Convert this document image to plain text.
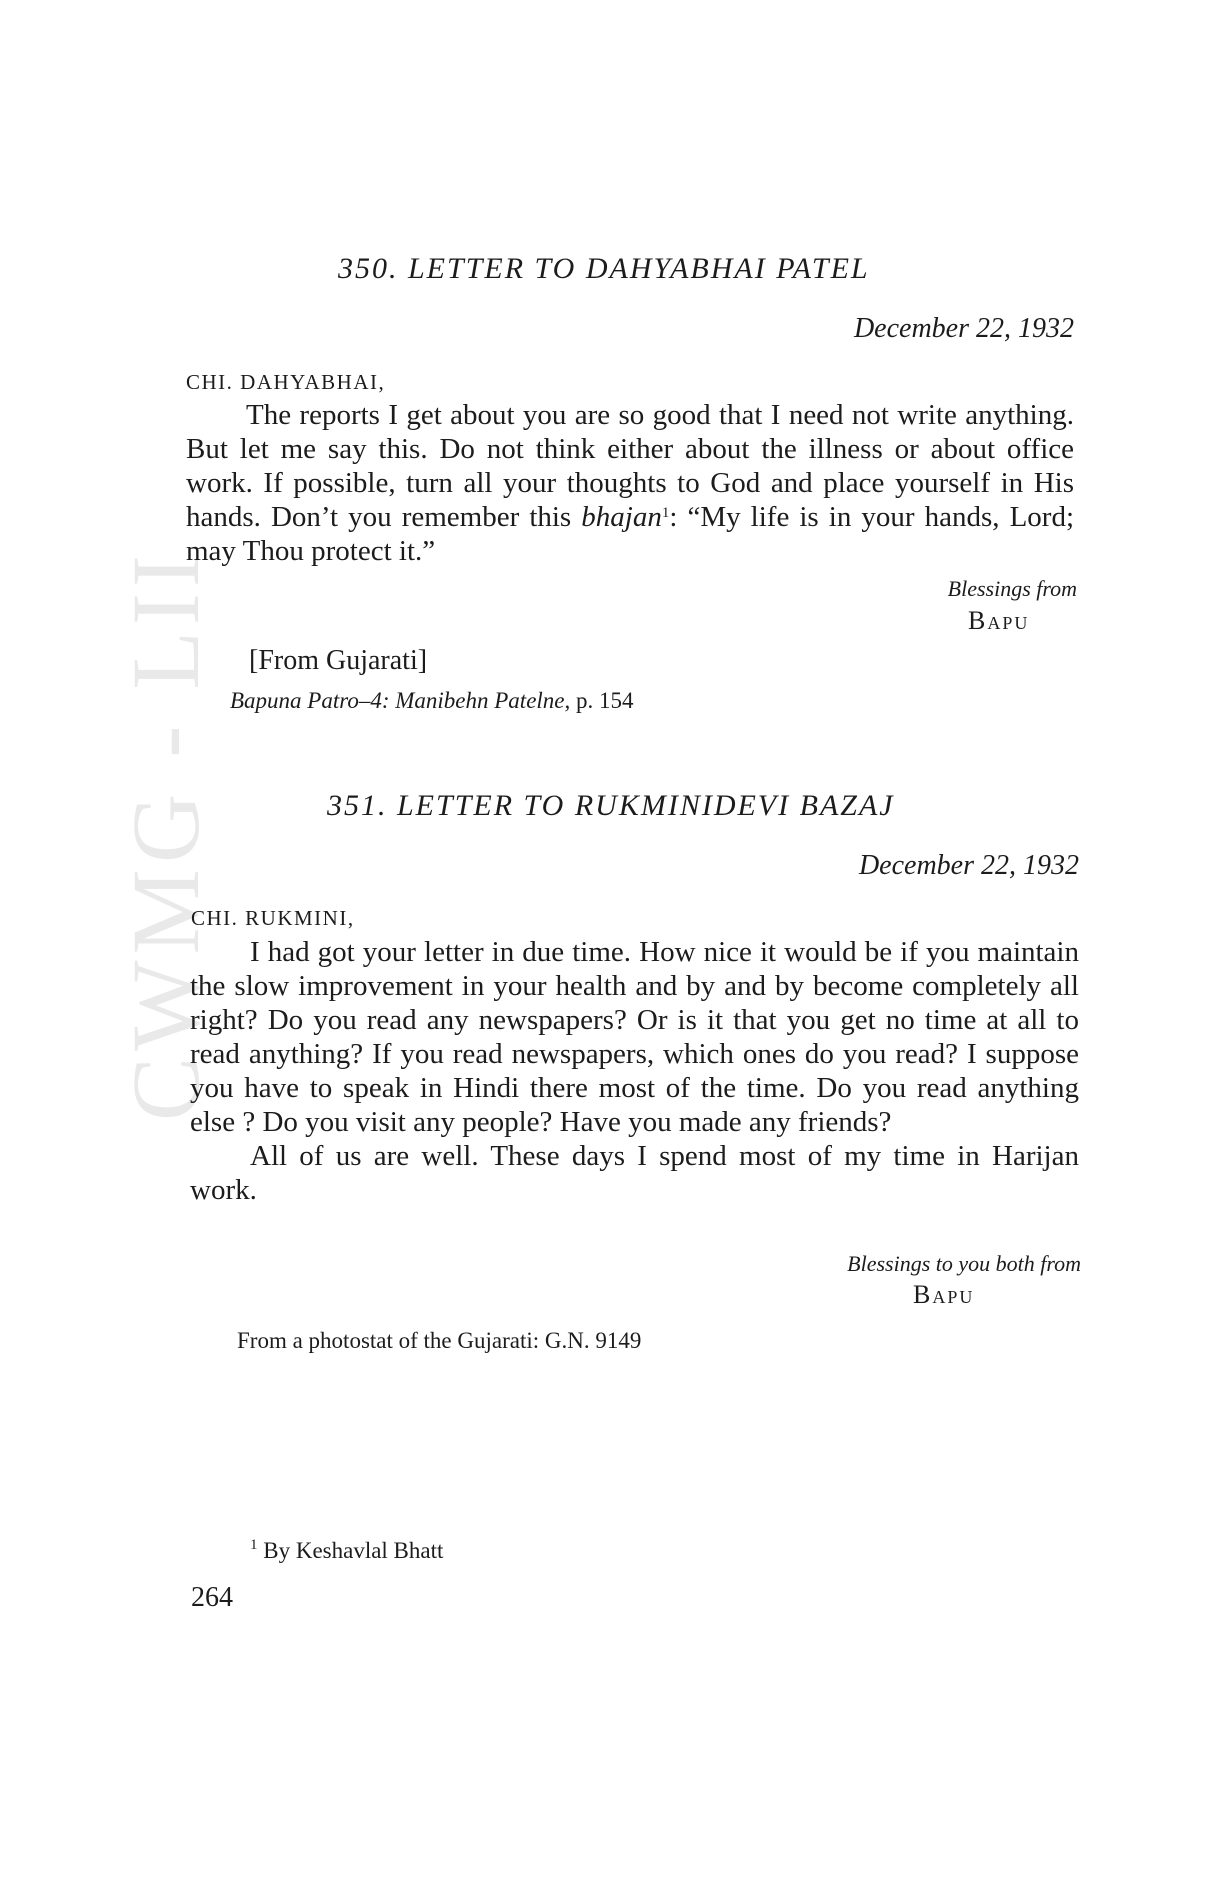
CWMG - LII
350. LETTER TO DAHYABHAI PATEL
December 22, 1932
CHI. DAHYABHAI,

The reports I get about you are so good that I need not write anything. But let me say this. Do not think either about the illness or about office work. If possible, turn all your thoughts to God and place yourself in His hands. Don’t you remember this bhajan$^1$: “My life is in your hands, Lord; may Thou protect it.”

Blessings from
Bapu
[From Gujarati]
Bapuna Patro–4: Manibehn Patelne, p. 154
351. LETTER TO RUKMINIDEVI BAZAJ
December 22, 1932
CHI. RUKMINI,

I had got your letter in due time. How nice it would be if you maintain the slow improvement in your health and by and by become completely all right? Do you read any newspapers? Or is it that you get no time at all to read anything? If you read newspapers, which ones do you read? I suppose you have to speak in Hindi there most of the time. Do you read anything else ? Do you visit any people? Have you made any friends?

All of us are well. These days I spend most of my time in Harijan work.

Blessings to you both from
Bapu
From a photostat of the Gujarati: G.N. 9149
$^1$ By Keshavlal Bhatt
264
